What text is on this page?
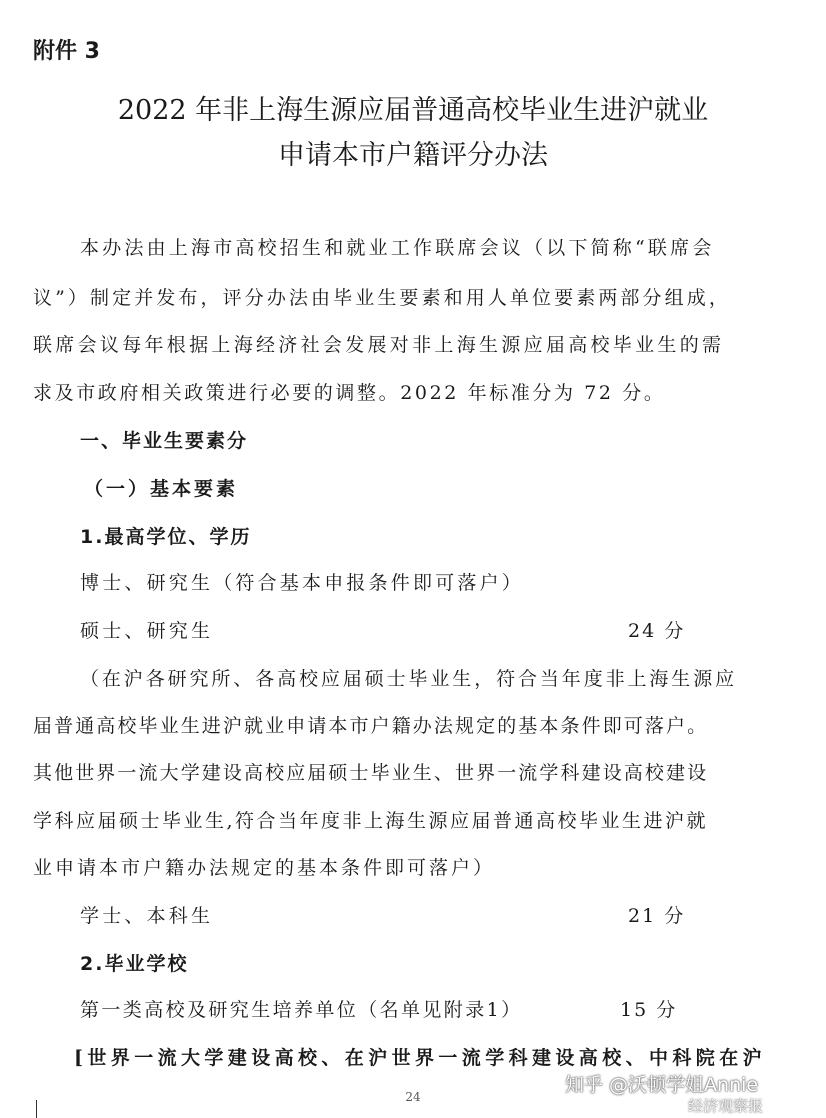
附件 3
2022 年非上海生源应届普通高校毕业生进沪就业
申请本市户籍评分办法
本办法由上海市高校招生和就业工作联席会议（以下简称“联席会
议”）制定并发布，评分办法由毕业生要素和用人单位要素两部分组成，
联席会议每年根据上海经济社会发展对非上海生源应届高校毕业生的需
求及市政府相关政策进行必要的调整。2022 年标准分为 72 分。
一、毕业生要素分
（一）基本要素
1.最高学位、学历
博士、研究生（符合基本申报条件即可落户）
硕士、研究生	24 分
（在沪各研究所、各高校应届硕士毕业生，符合当年度非上海生源应
届普通高校毕业生进沪就业申请本市户籍办法规定的基本条件即可落户。
其他世界一流大学建设高校应届硕士毕业生、世界一流学科建设高校建设
学科应届硕士毕业生,符合当年度非上海生源应届普通高校毕业生进沪就
业申请本市户籍办法规定的基本条件即可落户）
学士、本科生	21 分
2.毕业学校
第一类高校及研究生培养单位（名单见附录1）	15 分
[世界一流大学建设高校、在沪世界一流学科建设高校、中科院在沪
24
知乎 @沃顿学姐Annie
经济观察报
